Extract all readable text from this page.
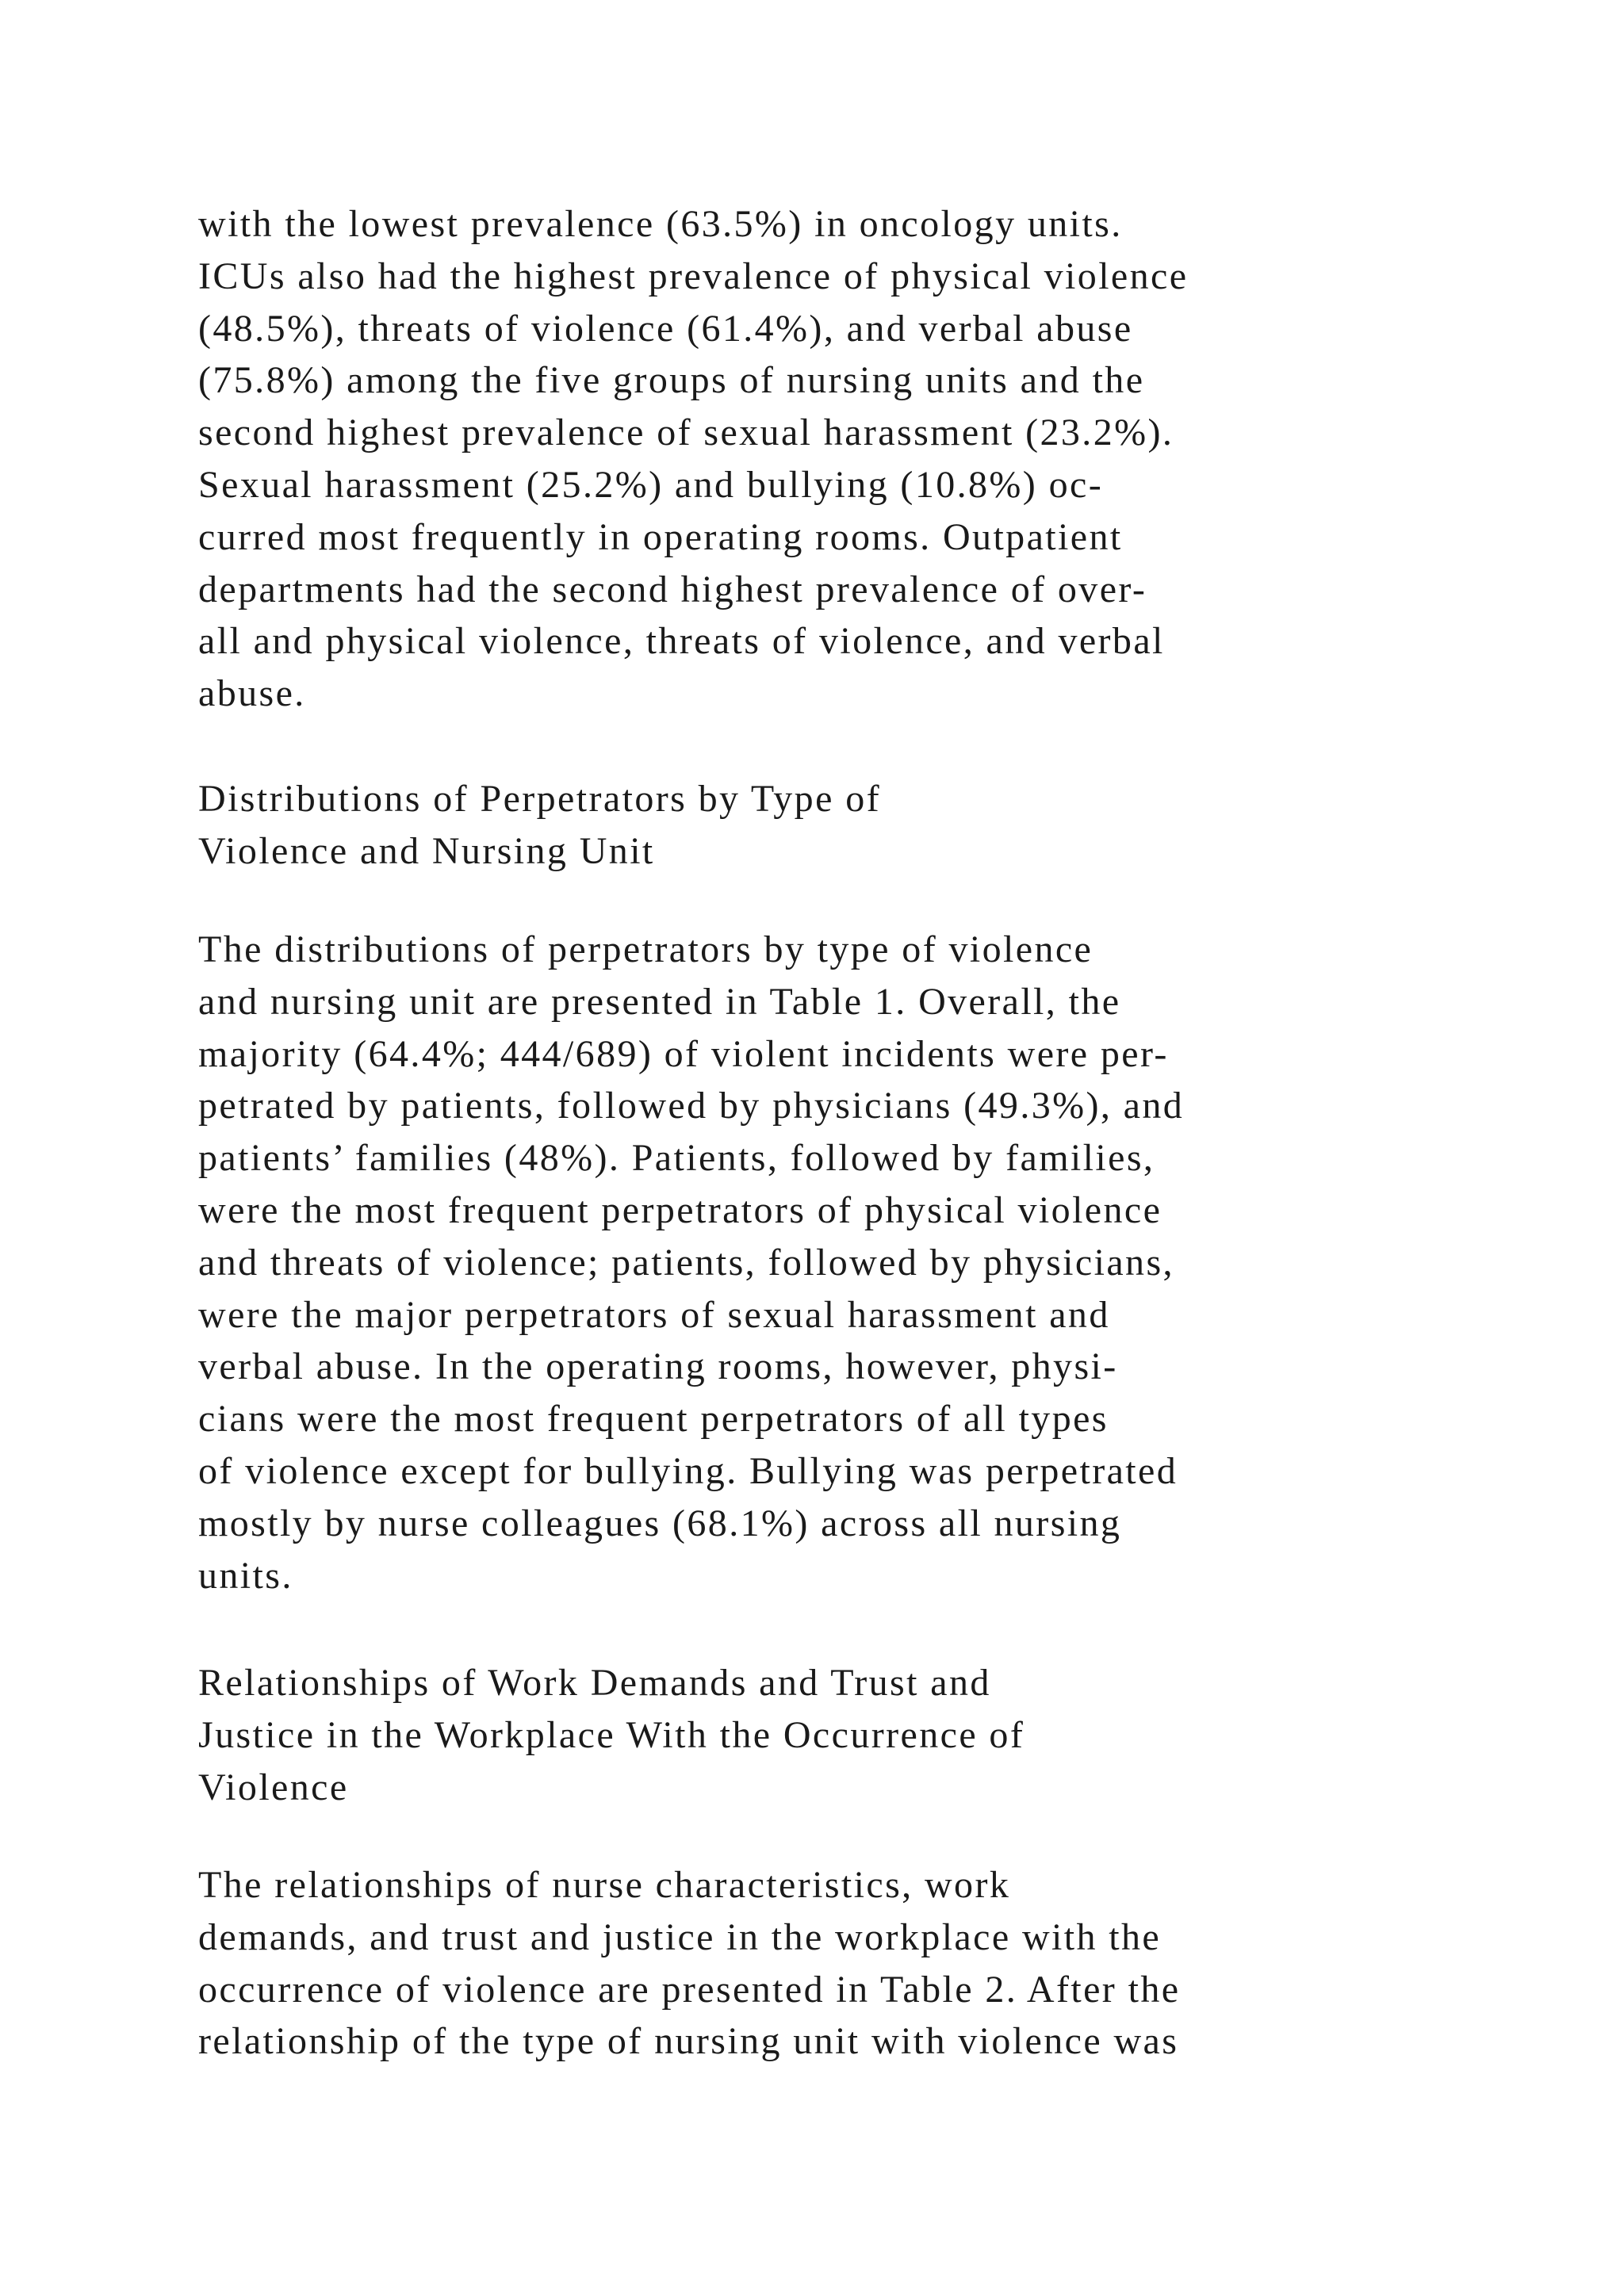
with the lowest prevalence (63.5%) in oncology units.
ICUs also had the highest prevalence of physical violence
(48.5%), threats of violence (61.4%), and verbal abuse
(75.8%) among the five groups of nursing units and the
second highest prevalence of sexual harassment (23.2%).
Sexual harassment (25.2%) and bullying (10.8%) oc-
curred most frequently in operating rooms. Outpatient
departments had the second highest prevalence of over-
all and physical violence, threats of violence, and verbal
abuse.
Distributions of Perpetrators by Type of
Violence and Nursing Unit
The distributions of perpetrators by type of violence
and nursing unit are presented in Table 1. Overall, the
majority (64.4%; 444/689) of violent incidents were per-
petrated by patients, followed by physicians (49.3%), and
patients’ families (48%). Patients, followed by families,
were the most frequent perpetrators of physical violence
and threats of violence; patients, followed by physicians,
were the major perpetrators of sexual harassment and
verbal abuse. In the operating rooms, however, physi-
cians were the most frequent perpetrators of all types
of violence except for bullying. Bullying was perpetrated
mostly by nurse colleagues (68.1%) across all nursing
units.
Relationships of Work Demands and Trust and
Justice in the Workplace With the Occurrence of
Violence
The relationships of nurse characteristics, work
demands, and trust and justice in the workplace with the
occurrence of violence are presented in Table 2. After the
relationship of the type of nursing unit with violence was
